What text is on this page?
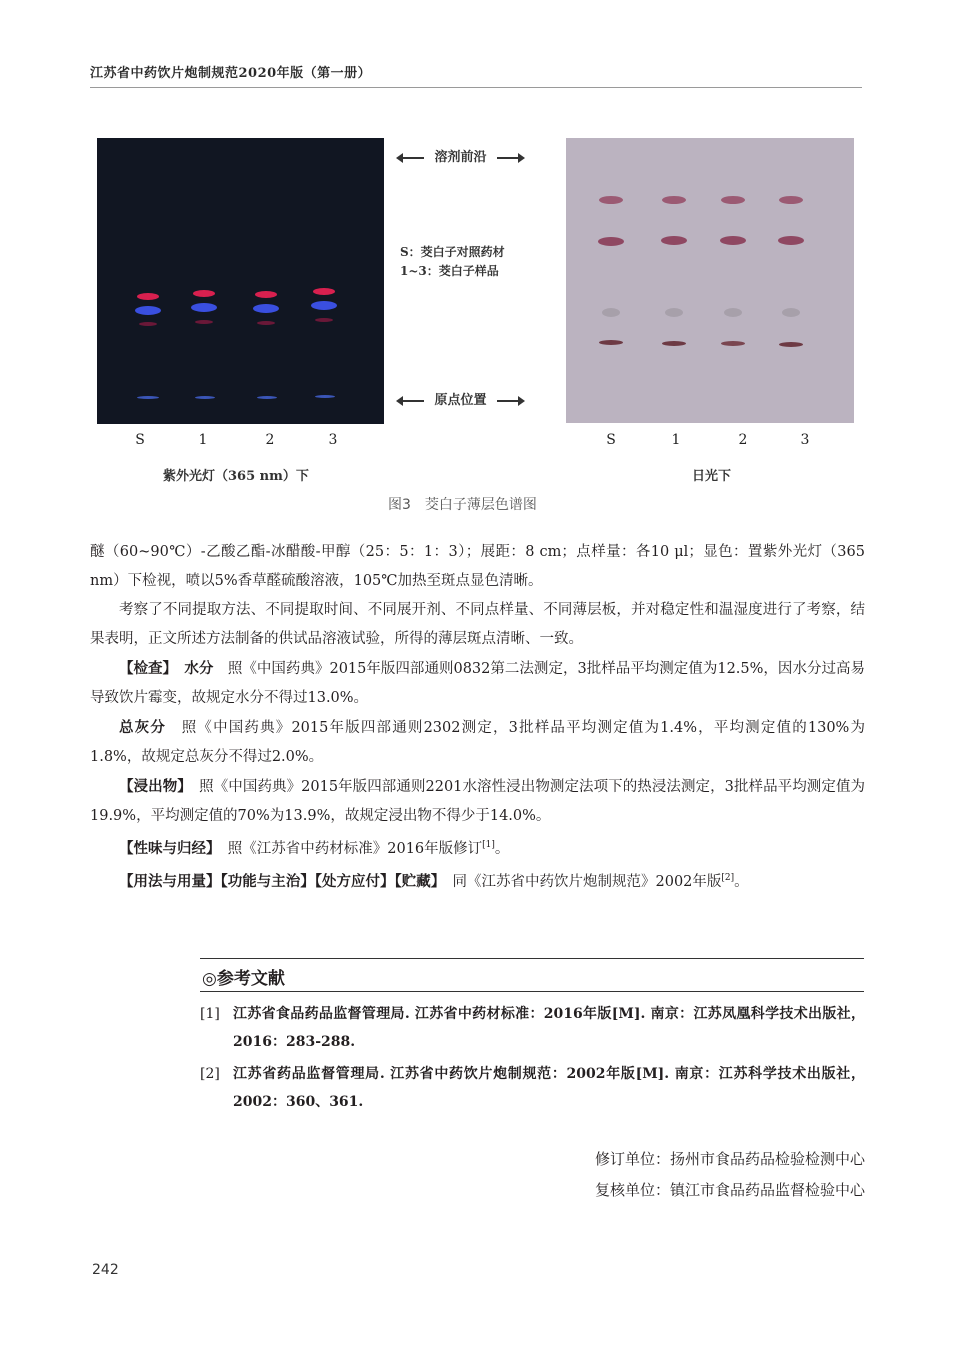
江苏省中药饮片炮制规范2020年版（第一册）
溶剂前沿
S：茭白子对照药材
1~3：茭白子样品
原点位置
S	1	2	3	S	1	2	3
紫外光灯（365 nm）下	日光下
图3　茭白子薄层色谱图

醚（60~90℃）-乙酸乙酯-冰醋酸-甲醇（25：5：1：3）；展距：8 cm；点样量：各10 μl；显色：置紫外光灯（365 nm）下检视，喷以5%香草醛硫酸溶液，105℃加热至斑点显色清晰。

考察了不同提取方法、不同提取时间、不同展开剂、不同点样量、不同薄层板，并对稳定性和温湿度进行了考察，结果表明，正文所述方法制备的供试品溶液试验，所得的薄层斑点清晰、一致。

【检查】　 水分　 照《中国药典》2015年版四部通则0832第二法测定，3批样品平均测定值为12.5%，因水分过高易导致饮片霉变，故规定水分不得过13.0%。

总灰分　 照《中国药典》2015年版四部通则2302测定，3批样品平均测定值为1.4%，平均测定值的130%为1.8%，故规定总灰分不得过2.0%。

【浸出物】　 照《中国药典》2015年版四部通则2201水溶性浸出物测定法项下的热浸法测定，3批样品平均测定值为19.9%，平均测定值的70%为13.9%，故规定浸出物不得少于14.0%。

【性味与归经】　 照《江苏省中药材标准》2016年版修订[1]。

【用法与用量】【功能与主治】【处方应付】【贮藏】　 同《江苏省中药饮片炮制规范》2002年版[2]。

◎参考文献
[1] 江苏省食品药品监督管理局. 江苏省中药材标准：2016年版[M]. 南京：江苏凤凰科学技术出版社，2016：283-288.
[2] 江苏省药品监督管理局. 江苏省中药饮片炮制规范：2002年版[M]. 南京：江苏科学技术出版社，2002：360、361.
修订单位：扬州市食品药品检验检测中心
复核单位：镇江市食品药品监督检验中心
242
